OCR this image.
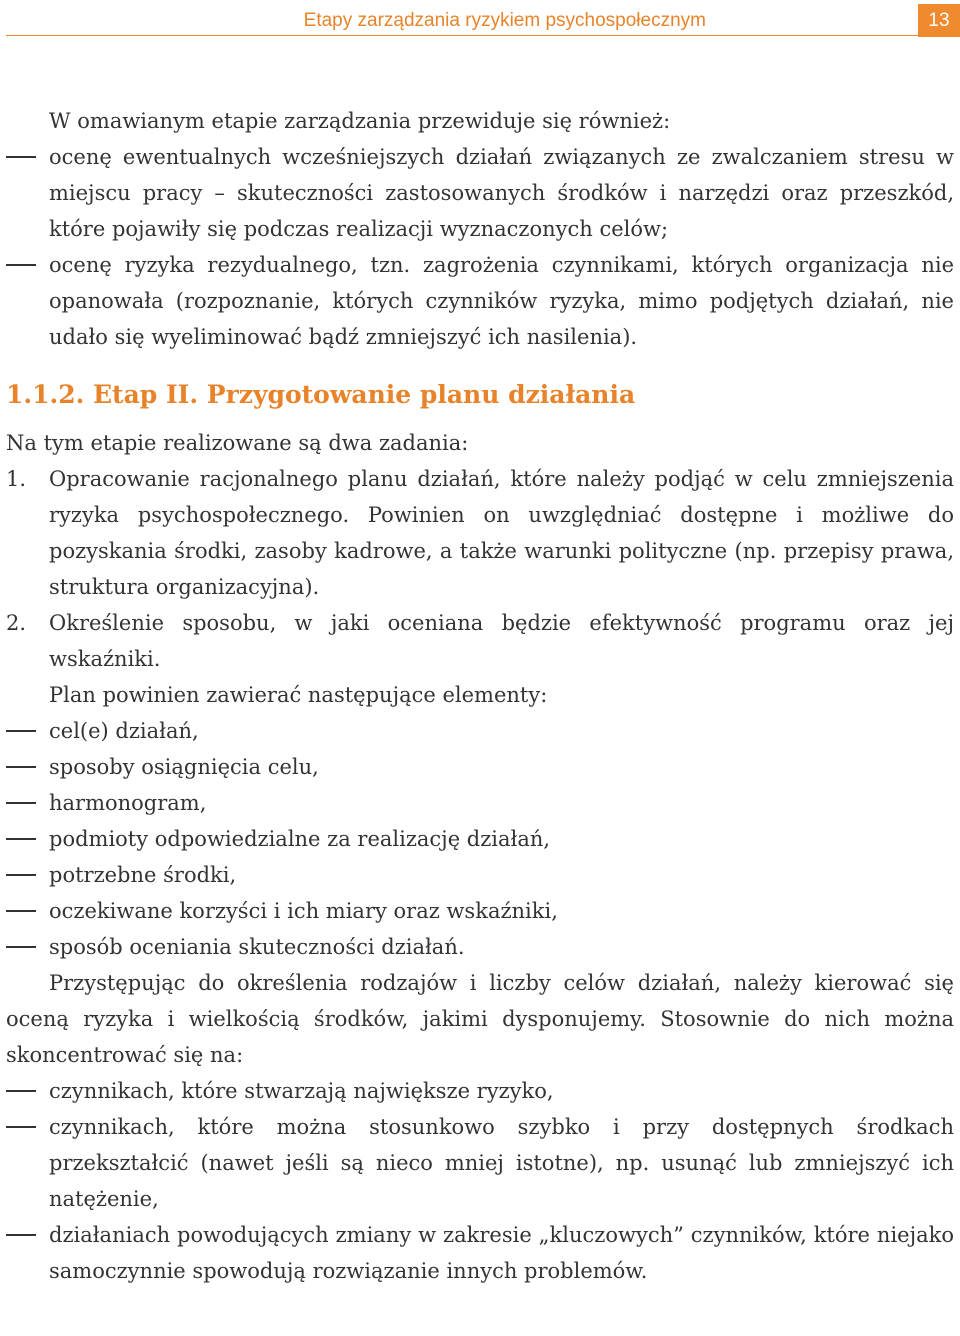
Etapy zarządzania ryzykiem psychospołecznym	13

W omawianym etapie zarządzania przewiduje się również:

ocenę ewentualnych wcześniejszych działań związanych ze zwalczaniem stresu w miejscu pracy – skuteczności zastosowanych środków i narzędzi oraz przeszkód, które pojawiły się podczas realizacji wyznaczonych celów;
ocenę ryzyka rezydualnego, tzn. zagrożenia czynnikami, których organizacja nie opanowała (rozpoznanie, których czynników ryzyka, mimo podjętych działań, nie udało się wyeliminować bądź zmniejszyć ich nasilenia).

1.1.2. Etap II. Przygotowanie planu działania

Na tym etapie realizowane są dwa zadania:

1.	Opracowanie racjonalnego planu działań, które należy podjąć w celu zmniejszenia ryzyka psychospołecznego. Powinien on uwzględniać dostępne i możliwe do pozyskania środki, zasoby kadrowe, a także warunki polityczne (np. przepisy prawa, struktura organizacyjna).
2.	Określenie sposobu, w jaki oceniana będzie efektywność programu oraz jej wskaźniki.

Plan powinien zawierać następujące elementy:

cel(e) działań,
sposoby osiągnięcia celu,
harmonogram,
podmioty odpowiedzialne za realizację działań,
potrzebne środki,
oczekiwane korzyści i ich miary oraz wskaźniki,
sposób oceniania skuteczności działań.

Przystępując do określenia rodzajów i liczby celów działań, należy kierować się oceną ryzyka i wielkością środków, jakimi dysponujemy. Stosownie do nich można skoncentrować się na:

czynnikach, które stwarzają największe ryzyko,
czynnikach, które można stosunkowo szybko i przy dostępnych środkach przekształcić (nawet jeśli są nieco mniej istotne), np. usunąć lub zmniejszyć ich natężenie,
działaniach powodujących zmiany w zakresie „kluczowych” czynników, które niejako samoczynnie spowodują rozwiązanie innych problemów.
